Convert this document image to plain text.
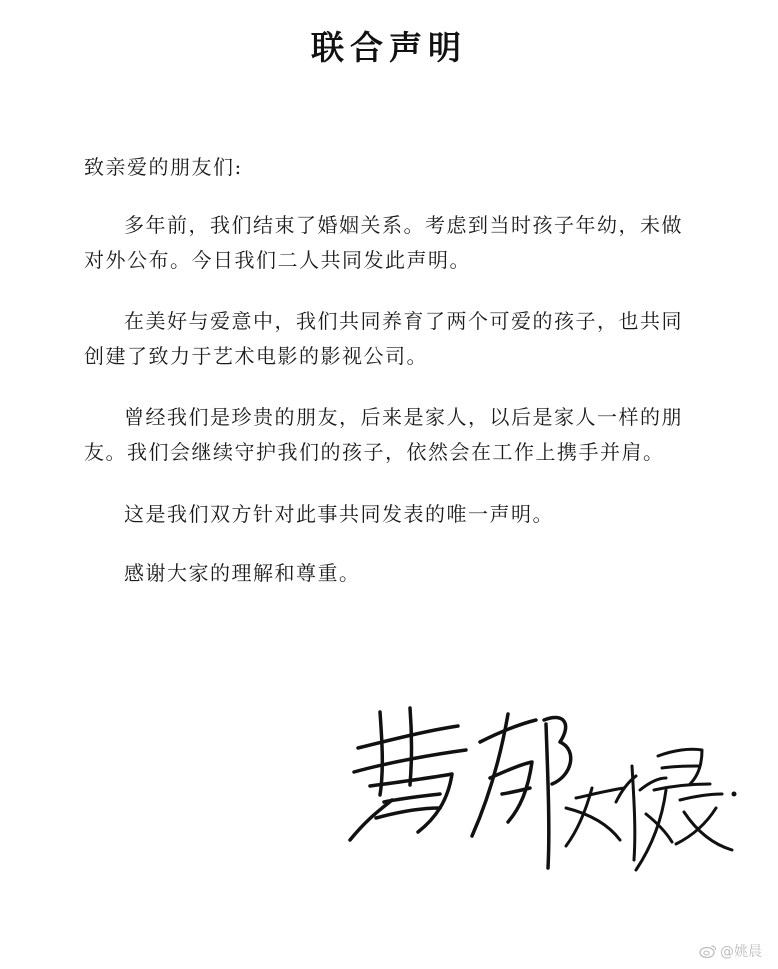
联合声明
致亲爱的朋友们:
多年前，我们结束了婚姻关系。考虑到当时孩子年幼，未做对外公布。今日我们二人共同发此声明。
在美好与爱意中，我们共同养育了两个可爱的孩子，也共同创建了致力于艺术电影的影视公司。
曾经我们是珍贵的朋友，后来是家人，以后是家人一样的朋友。我们会继续守护我们的孩子，依然会在工作上携手并肩。
这是我们双方针对此事共同发表的唯一声明。
感谢大家的理解和尊重。
@姚晨
